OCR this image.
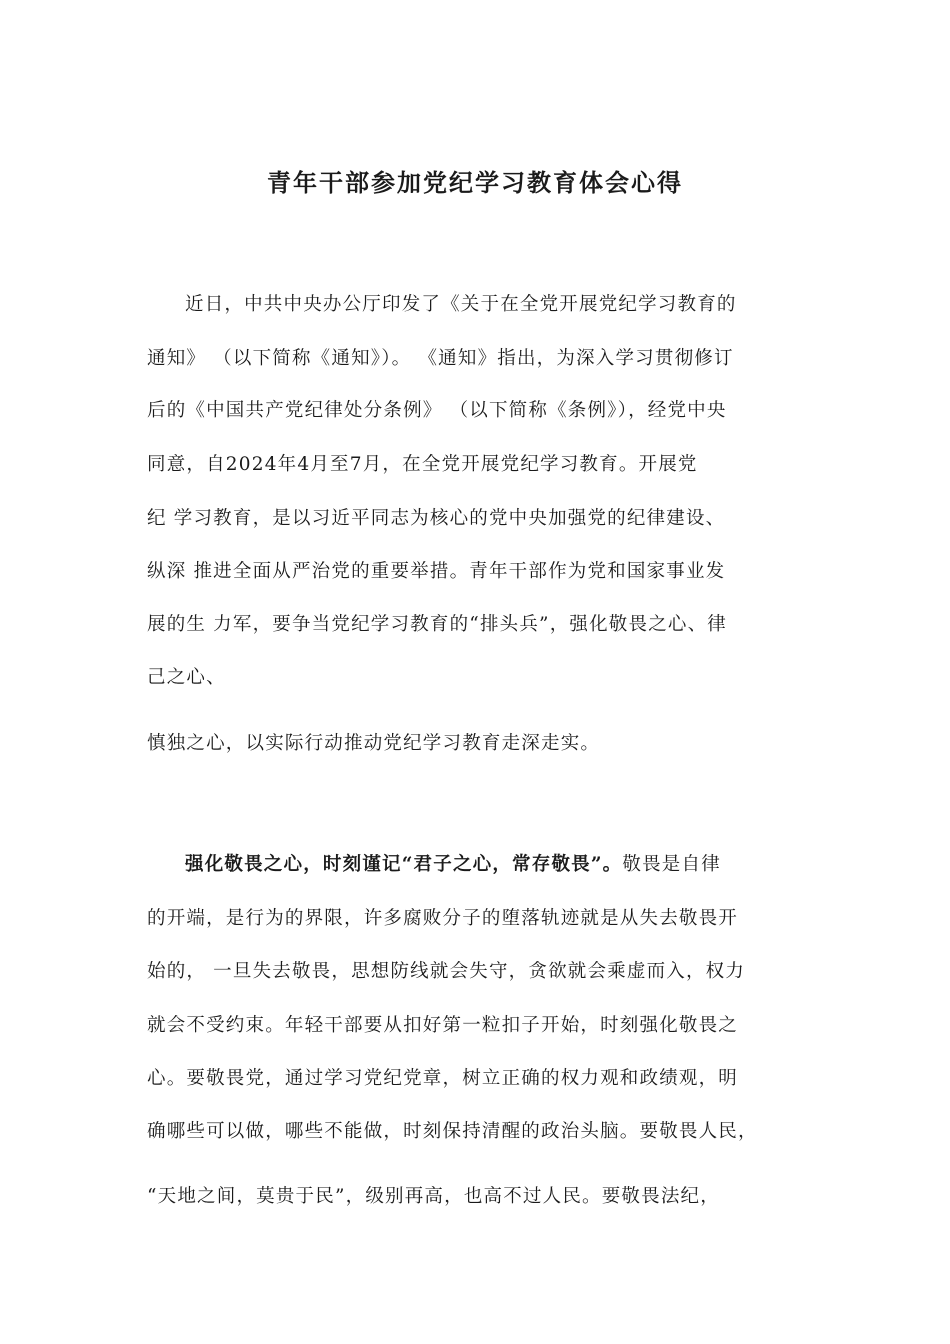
青年干部参加党纪学习教育体会心得

近日，中共中央办公厅印发了《关于在全党开展党纪学习教育的

通知》 （以下简称《通知》）。 《通知》指出，为深入学习贯彻修订

后的《中国共产党纪律处分条例》 （以下简称《条例》），经党中央

同意，自2024年4月至7月，在全党开展党纪学习教育。开展党

纪 学习教育，是以习近平同志为核心的党中央加强党的纪律建设、

纵深 推进全面从严治党的重要举措。青年干部作为党和国家事业发

展的生 力军，要争当党纪学习教育的“排头兵”，强化敬畏之心、律

己之心、

慎独之心，以实际行动推动党纪学习教育走深走实。

强化敬畏之心，时刻谨记“君子之心，常存敬畏”。敬畏是自律

的开端，是行为的界限，许多腐败分子的堕落轨迹就是从失去敬畏开

始的， 一旦失去敬畏，思想防线就会失守，贪欲就会乘虚而入，权力

就会不受约束。年轻干部要从扣好第一粒扣子开始，时刻强化敬畏之

心。要敬畏党，通过学习党纪党章，树立正确的权力观和政绩观，明

确哪些可以做，哪些不能做，时刻保持清醒的政治头脑。要敬畏人民，

“天地之间，莫贵于民”，级别再高，也高不过人民。要敬畏法纪，
